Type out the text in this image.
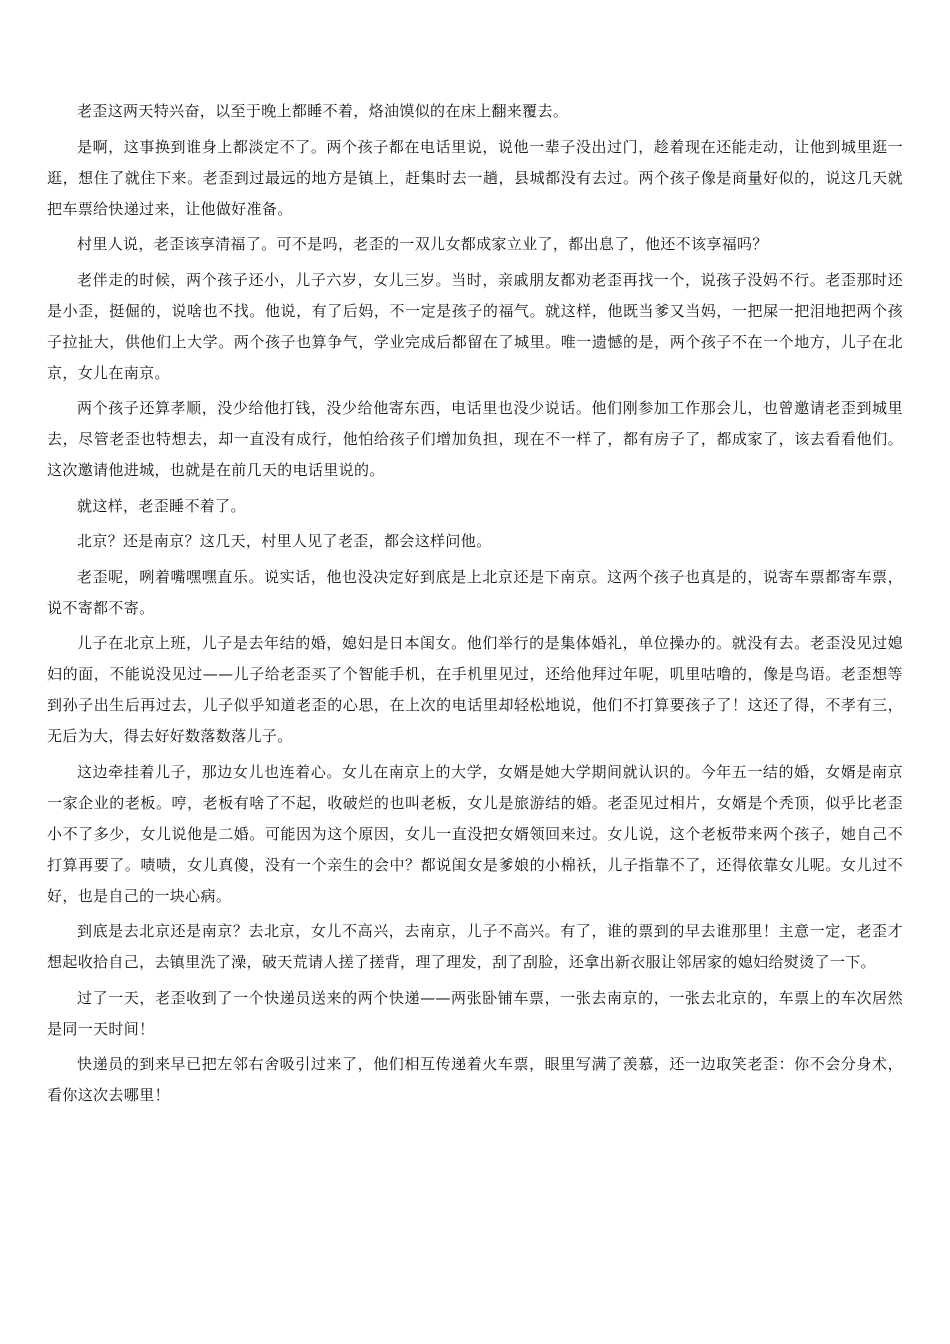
老歪这两天特兴奋，以至于晚上都睡不着，烙油馍似的在床上翻来覆去。

是啊，这事换到谁身上都淡定不了。两个孩子都在电话里说，说他一辈子没出过门，趁着现在还能走动，让他到城里逛一逛，想住了就住下来。老歪到过最远的地方是镇上，赶集时去一趟，县城都没有去过。两个孩子像是商量好似的，说这几天就把车票给快递过来，让他做好准备。

村里人说，老歪该享清福了。可不是吗，老歪的一双儿女都成家立业了，都出息了，他还不该享福吗？

老伴走的时候，两个孩子还小，儿子六岁，女儿三岁。当时，亲戚朋友都劝老歪再找一个，说孩子没妈不行。老歪那时还是小歪，挺倔的，说啥也不找。他说，有了后妈，不一定是孩子的福气。就这样，他既当爹又当妈，一把屎一把泪地把两个孩子拉扯大，供他们上大学。两个孩子也算争气，学业完成后都留在了城里。唯一遗憾的是，两个孩子不在一个地方，儿子在北京，女儿在南京。

两个孩子还算孝顺，没少给他打钱，没少给他寄东西，电话里也没少说话。他们刚参加工作那会儿，也曾邀请老歪到城里去，尽管老歪也特想去，却一直没有成行，他怕给孩子们增加负担，现在不一样了，都有房子了，都成家了，该去看看他们。这次邀请他进城，也就是在前几天的电话里说的。

就这样，老歪睡不着了。

北京？还是南京？这几天，村里人见了老歪，都会这样问他。

老歪呢，咧着嘴嘿嘿直乐。说实话，他也没决定好到底是上北京还是下南京。这两个孩子也真是的，说寄车票都寄车票，说不寄都不寄。

儿子在北京上班，儿子是去年结的婚，媳妇是日本闺女。他们举行的是集体婚礼，单位操办的。就没有去。老歪没见过媳妇的面，不能说没见过——儿子给老歪买了个智能手机，在手机里见过，还给他拜过年呢，叽里咕噜的，像是鸟语。老歪想等到孙子出生后再过去，儿子似乎知道老歪的心思，在上次的电话里却轻松地说，他们不打算要孩子了！这还了得，不孝有三，无后为大，得去好好数落数落儿子。

这边牵挂着儿子，那边女儿也连着心。女儿在南京上的大学，女婿是她大学期间就认识的。今年五一结的婚，女婿是南京一家企业的老板。哼，老板有啥了不起，收破烂的也叫老板，女儿是旅游结的婚。老歪见过相片，女婿是个秃顶，似乎比老歪小不了多少，女儿说他是二婚。可能因为这个原因，女儿一直没把女婿领回来过。女儿说，这个老板带来两个孩子，她自己不打算再要了。啧啧，女儿真傻，没有一个亲生的会中？都说闺女是爹娘的小棉袄，儿子指靠不了，还得依靠女儿呢。女儿过不好，也是自己的一块心病。

到底是去北京还是南京？去北京，女儿不高兴，去南京，儿子不高兴。有了，谁的票到的早去谁那里！主意一定，老歪才想起收拾自己，去镇里洗了澡，破天荒请人搓了搓背，理了理发，刮了刮脸，还拿出新衣服让邻居家的媳妇给熨烫了一下。

过了一天，老歪收到了一个快递员送来的两个快递——两张卧铺车票，一张去南京的，一张去北京的，车票上的车次居然是同一天时间！

快递员的到来早已把左邻右舍吸引过来了，他们相互传递着火车票，眼里写满了羡慕，还一边取笑老歪：你不会分身术，看你这次去哪里！
